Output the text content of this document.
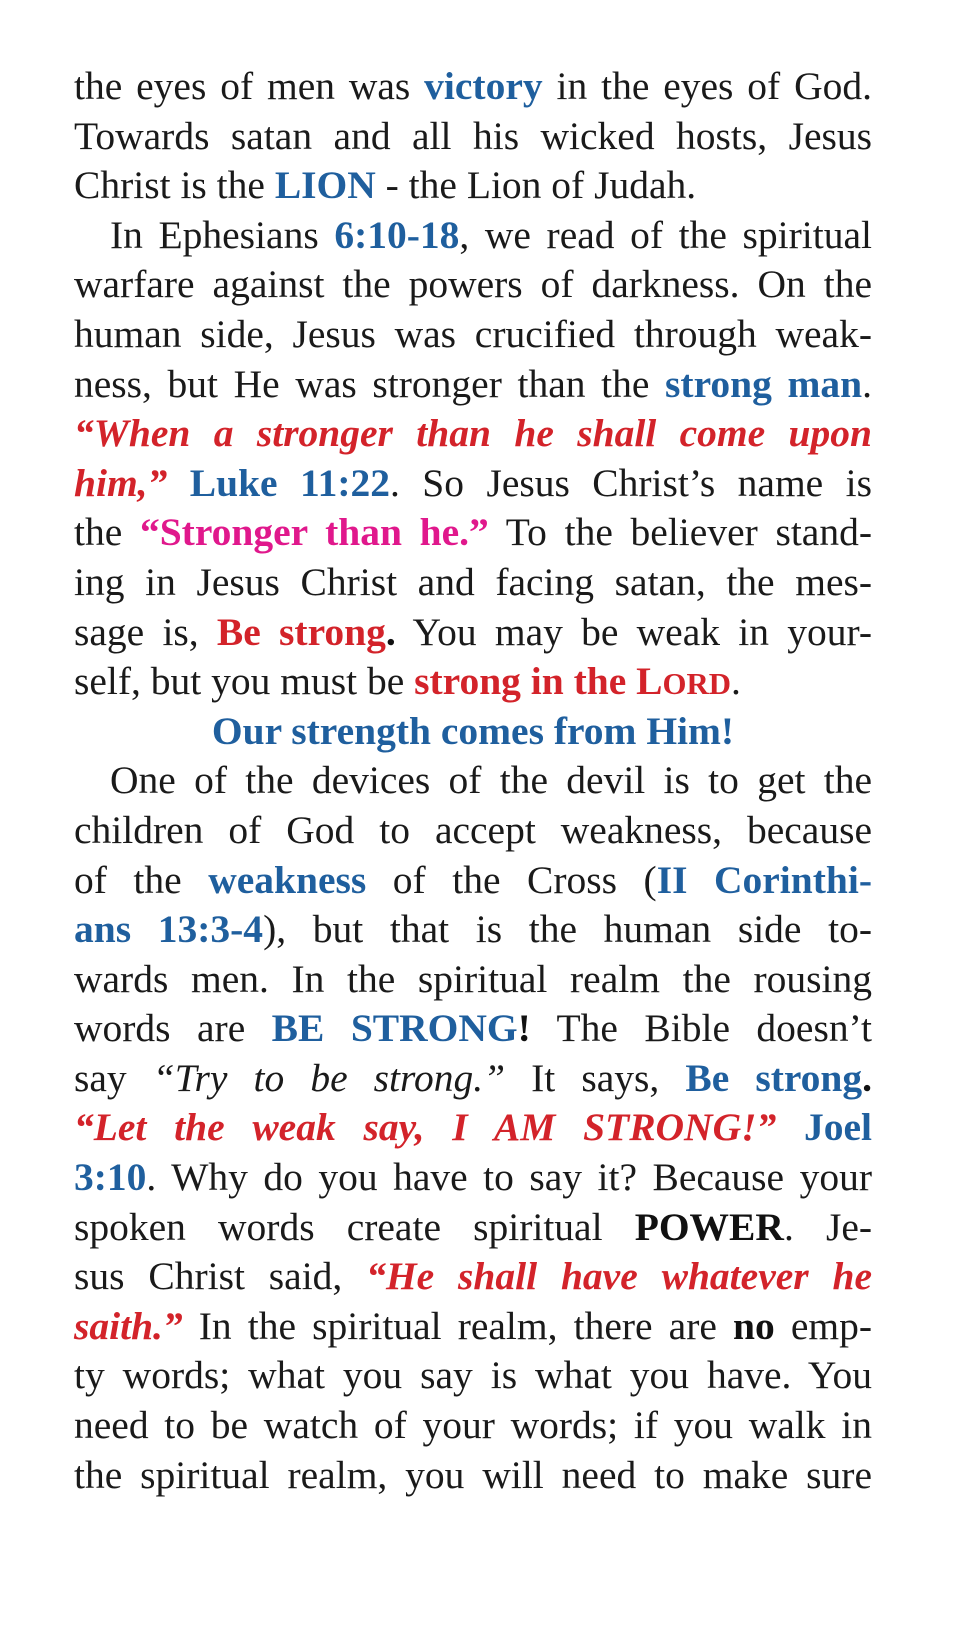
the eyes of men was victory in the eyes of God.
Towards satan and all his wicked hosts, Jesus
Christ is the LION - the Lion of Judah.
In Ephesians 6:10-18, we read of the spiritual
warfare against the powers of darkness. On the
human side, Jesus was crucified through weak-
ness, but He was stronger than the strong man.
“When a stronger than he shall come upon
him,” Luke 11:22. So Jesus Christ’s name is
the “Stronger than he.” To the believer stand-
ing in Jesus Christ and facing satan, the mes-
sage is, Be strong. You may be weak in your-
self, but you must be strong in the LORD.
Our strength comes from Him!
One of the devices of the devil is to get the
children of God to accept weakness, because
of the weakness of the Cross (II Corinthi-
ans 13:3-4), but that is the human side to-
wards men. In the spiritual realm the rousing
words are BE STRONG! The Bible doesn’t
say “Try to be strong.” It says, Be strong.
“Let the weak say, I AM STRONG!” Joel
3:10. Why do you have to say it? Because your
spoken words create spiritual POWER. Je-
sus Christ said, “He shall have whatever he
saith.” In the spiritual realm, there are no emp-
ty words; what you say is what you have. You
need to be watch of your words; if you walk in
the spiritual realm, you will need to make sure
